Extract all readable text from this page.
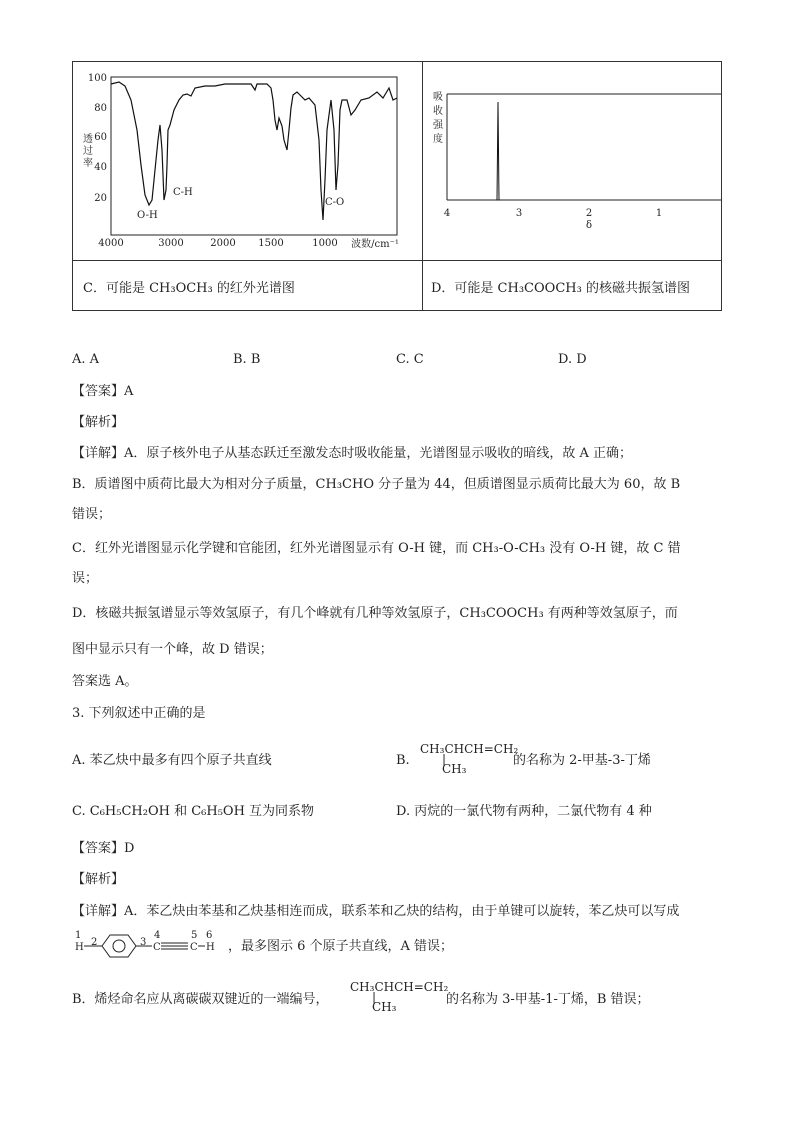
100
80
60
40
20
4000	3000	2000 1500	1000 波数/cm⁻¹
透
过
率
O-H
C-H
C-O
吸
收
强
度
4	3	2	1
δ
C．可能是 CH₃OCH₃ 的红外光谱图	D．可能是 CH₃COOCH₃ 的核磁共振氢谱图
A. A	B. B	C. C	D. D
【答案】A
【解析】
【详解】A．原子核外电子从基态跃迁至激发态时吸收能量，光谱图显示吸收的暗线，故 A 正确；
B．质谱图中质荷比最大为相对分子质量，CH₃CHO 分子量为 44，但质谱图显示质荷比最大为 60，故 B
错误；
C．红外光谱图显示化学键和官能团，红外光谱图显示有 O-H 键，而 CH₃-O-CH₃ 没有 O-H 键，故 C 错
误；
D．核磁共振氢谱显示等效氢原子，有几个峰就有几种等效氢原子，CH₃COOCH₃ 有两种等效氢原子，而
图中显示只有一个峰，故 D 错误；
答案选 A。
3. 下列叙述中正确的是
A. 苯乙炔中最多有四个原子共直线	B.
CH₃CHCH=CH₂
|
CH₃
的名称为 2-甲基-3-丁烯
C. C₆H₅CH₂OH 和 C₆H₅OH 互为同系物	D. 丙烷的一氯代物有两种，二氯代物有 4 种
【答案】D
【解析】
【详解】A．苯乙炔由苯基和乙炔基相连而成，联系苯和乙炔的结构，由于单键可以旋转，苯乙炔可以写成
1
H 2	3
4
C
5
C
6
H ，最多图示 6 个原子共直线，A 错误；
B．烯烃命名应从离碳碳双键近的一端编号，
CH₃CHCH=CH₂
|
CH₃	的名称为 3-甲基-1-丁烯，B 错误；
